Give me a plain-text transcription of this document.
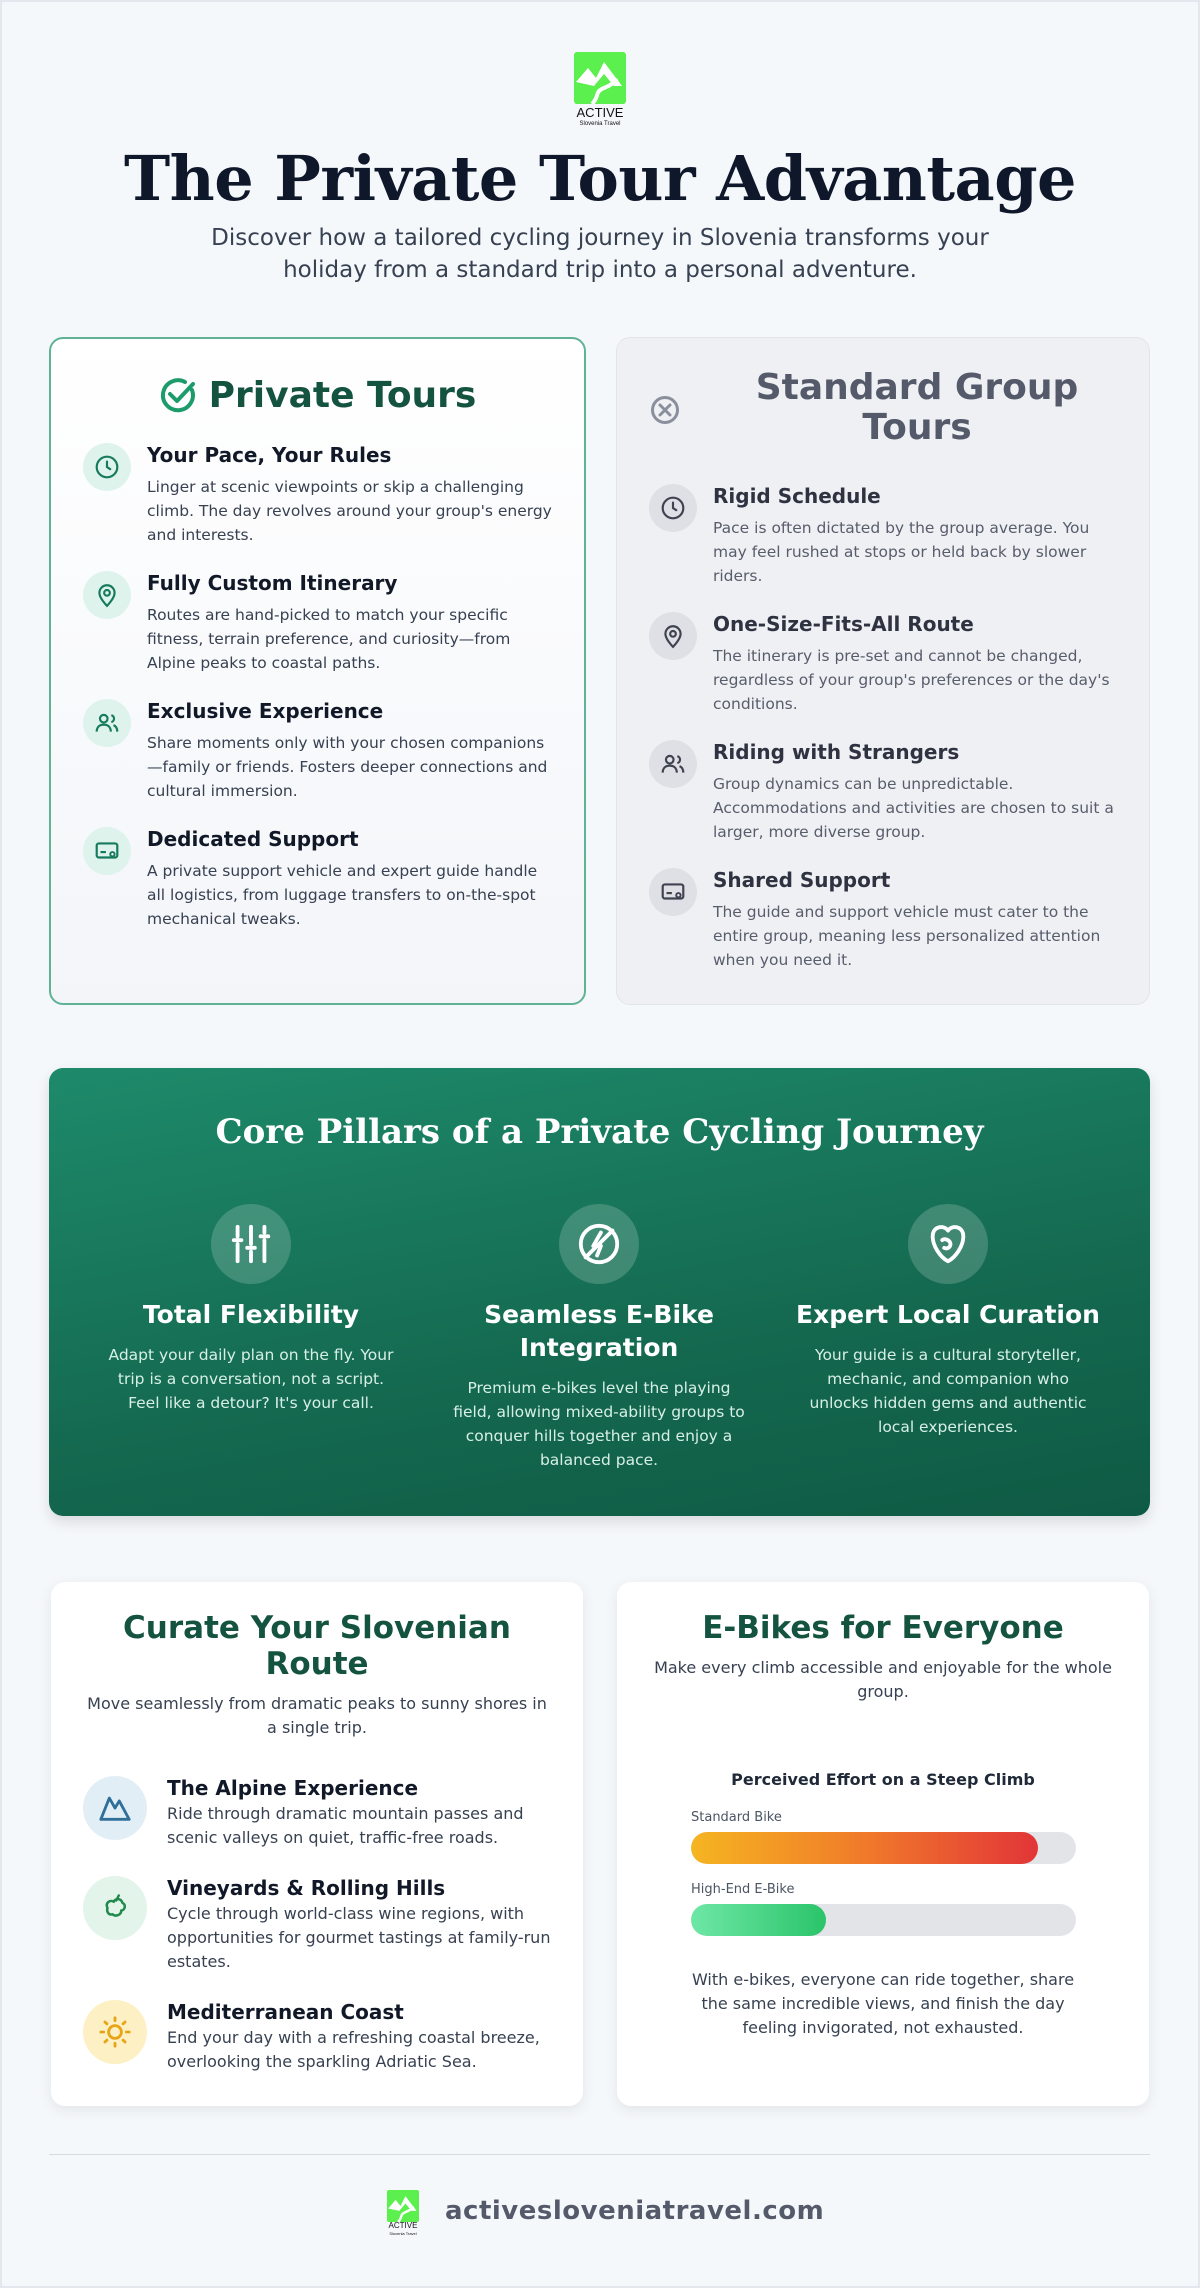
ACTIVE
Slovenia Travel
The Private Tour Advantage

Discover how a tailored cycling journey in Slovenia transforms your holiday from a standard trip into a personal adventure.

Private Tours
Your Pace, Your Rules
Linger at scenic viewpoints or skip a challenging climb. The day revolves around your group's energy and interests.
Fully Custom Itinerary
Routes are hand-picked to match your specific fitness, terrain preference, and curiosity—from Alpine peaks to coastal paths.
Exclusive Experience
Share moments only with your chosen companions—family or friends. Fosters deeper connections and cultural immersion.
Dedicated Support
A private support vehicle and expert guide handle all logistics, from luggage transfers to on-the-spot mechanical tweaks.
Standard Group Tours
Rigid Schedule
Pace is often dictated by the group average. You may feel rushed at stops or held back by slower riders.
One-Size-Fits-All Route
The itinerary is pre-set and cannot be changed, regardless of your group's preferences or the day's conditions.
Riding with Strangers
Group dynamics can be unpredictable. Accommodations and activities are chosen to suit a larger, more diverse group.
Shared Support
The guide and support vehicle must cater to the entire group, meaning less personalized attention when you need it.
Core Pillars of a Private Cycling Journey
Total Flexibility
Adapt your daily plan on the fly. Your trip is a conversation, not a script. Feel like a detour? It's your call.
Seamless E-Bike Integration
Premium e-bikes level the playing field, allowing mixed-ability groups to conquer hills together and enjoy a balanced pace.
Expert Local Curation
Your guide is a cultural storyteller, mechanic, and companion who unlocks hidden gems and authentic local experiences.
Curate Your Slovenian Route
Move seamlessly from dramatic peaks to sunny shores in a single trip.
The Alpine Experience
Ride through dramatic mountain passes and scenic valleys on quiet, traffic-free roads.
Vineyards & Rolling Hills
Cycle through world-class wine regions, with opportunities for gourmet tastings at family-run estates.
Mediterranean Coast
End your day with a refreshing coastal breeze, overlooking the sparkling Adriatic Sea.
E-Bikes for Everyone
Make every climb accessible and enjoyable for the whole group.
Perceived Effort on a Steep Climb
Standard Bike
High-End E-Bike
With e-bikes, everyone can ride together, share the same incredible views, and finish the day feeling invigorated, not exhausted.
ACTIVE
Slovenia Travel
activesloveniatravel.com
